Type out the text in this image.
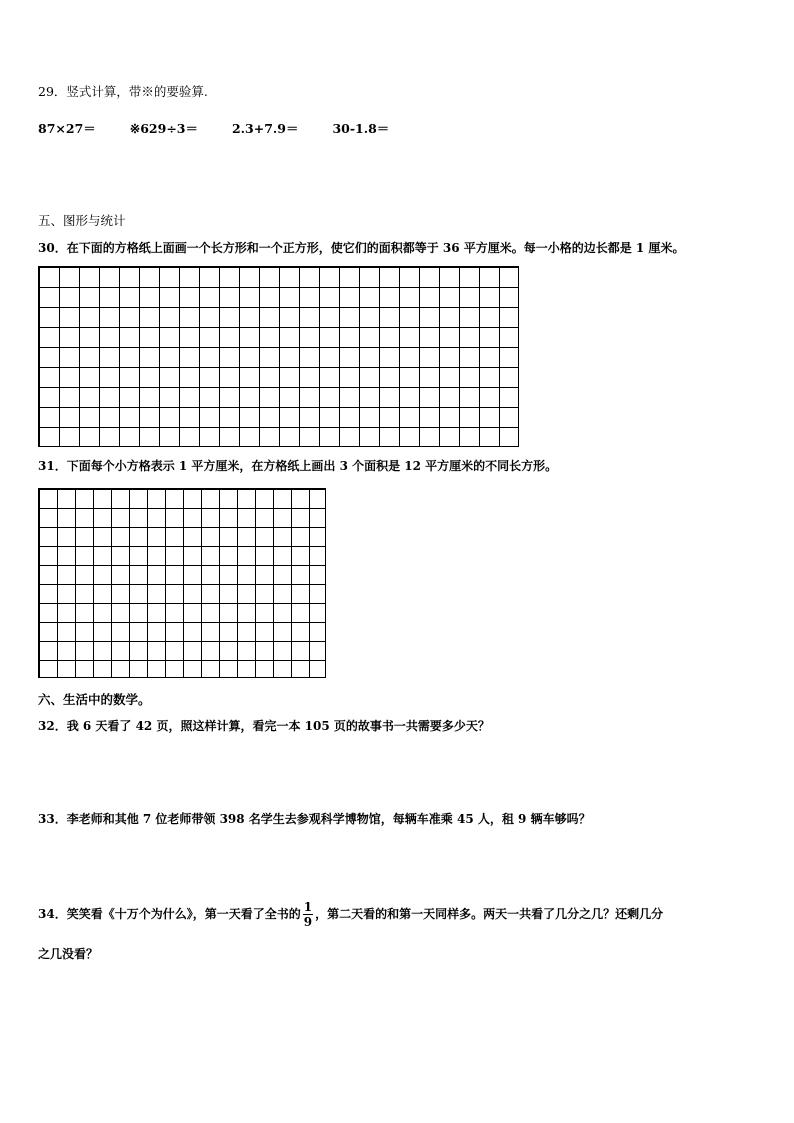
29．竖式计算，带※的要验算.
87×27＝	※629÷3＝	2.3+7.9＝	30-1.8＝
五、图形与统计
30．在下面的方格纸上面画一个长方形和一个正方形，使它们的面积都等于 36 平方厘米。每一小格的边长都是 1 厘米。
31．下面每个小方格表示 1 平方厘米，在方格纸上画出 3 个面积是 12 平方厘米的不同长方形。
六、生活中的数学。
32．我 6 天看了 42 页，照这样计算，看完一本 105 页的故事书一共需要多少天？
33．李老师和其他 7 位老师带领 398 名学生去参观科学博物馆，每辆车准乘 45 人，租 9 辆车够吗？
34．笑笑看《十万个为什么》，第一天看了全书的 $\frac{1}{9}$ ，第二天看的和第一天同样多。两天一共看了几分之几？还剩几分
之几没看？
